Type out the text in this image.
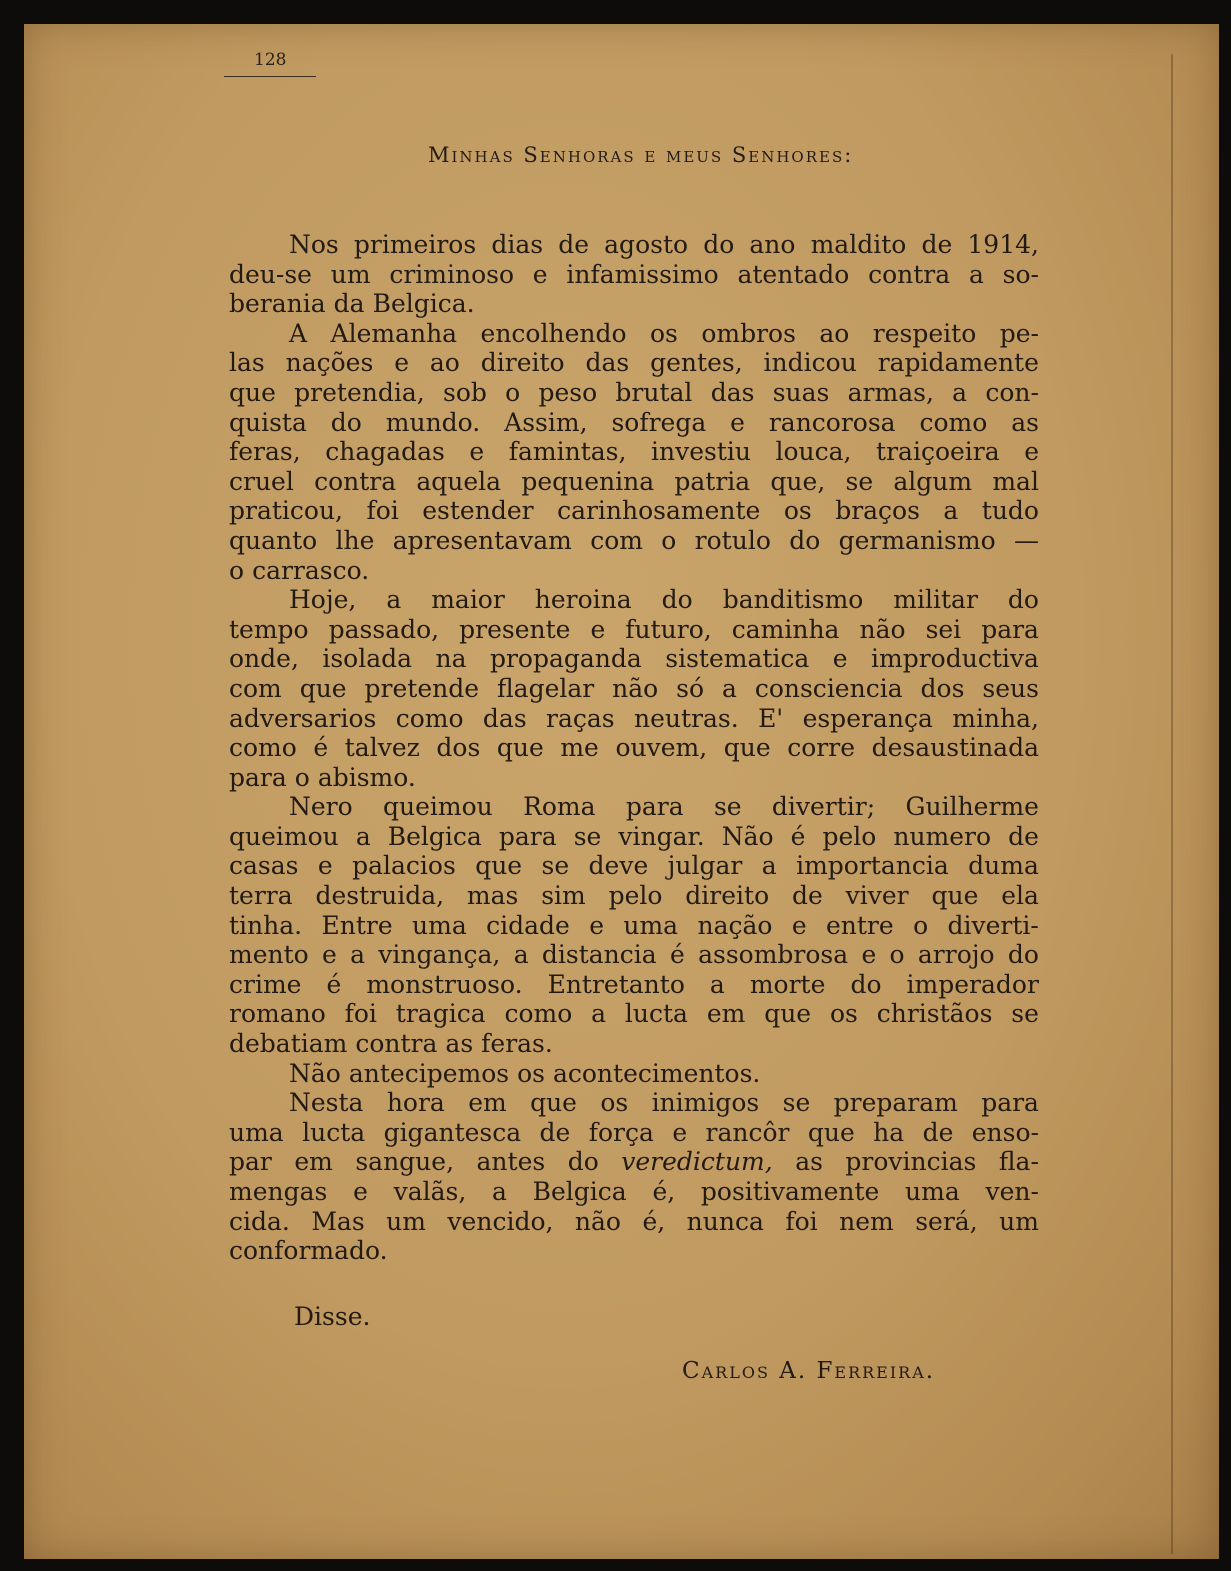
128
Minhas Senhoras e meus Senhores:
Nos primeiros dias de agosto do ano maldito de 1914,
deu-se um criminoso e infamissimo atentado contra a so-
berania da Belgica.
A Alemanha encolhendo os ombros ao respeito pe-
las nações e ao direito das gentes, indicou rapidamente
que pretendia, sob o peso brutal das suas armas, a con-
quista do mundo. Assim, sofrega e rancorosa como as
feras, chagadas e famintas, investiu louca, traiçoeira e
cruel contra aquela pequenina patria que, se algum mal
praticou, foi estender carinhosamente os braços a tudo
quanto lhe apresentavam com o rotulo do germanismo —
o carrasco.
Hoje, a maior heroina do banditismo militar do
tempo passado, presente e futuro, caminha não sei para
onde, isolada na propaganda sistematica e improductiva
com que pretende flagelar não só a consciencia dos seus
adversarios como das raças neutras. E' esperança minha,
como é talvez dos que me ouvem, que corre desaustinada
para o abismo.
Nero queimou Roma para se divertir; Guilherme
queimou a Belgica para se vingar. Não é pelo numero de
casas e palacios que se deve julgar a importancia duma
terra destruida, mas sim pelo direito de viver que ela
tinha. Entre uma cidade e uma nação e entre o diverti-
mento e a vingança, a distancia é assombrosa e o arrojo do
crime é monstruoso. Entretanto a morte do imperador
romano foi tragica como a lucta em que os christãos se
debatiam contra as feras.
Não antecipemos os acontecimentos.
Nesta hora em que os inimigos se preparam para
uma lucta gigantesca de força e rancôr que ha de enso-
par em sangue, antes do veredictum, as provincias fla-
mengas e valãs, a Belgica é, positivamente uma ven-
cida. Mas um vencido, não é, nunca foi nem será, um
conformado.
Disse.
Carlos A. Ferreira.
